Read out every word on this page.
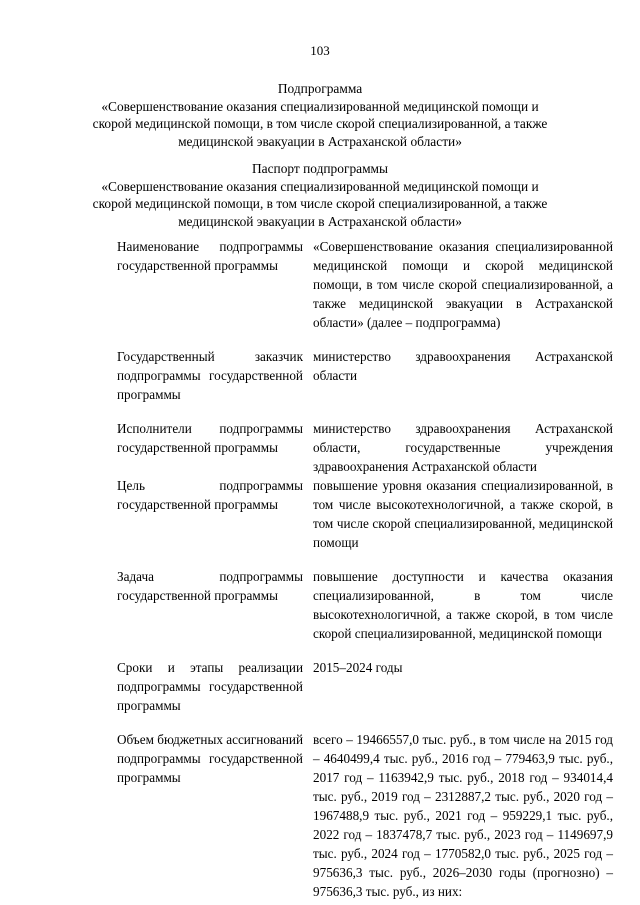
103
Подпрограмма
«Совершенствование оказания специализированной медицинской помощи и скорой медицинской помощи, в том числе скорой специализированной, а также медицинской эвакуации в Астраханской области»
Паспорт подпрограммы
«Совершенствование оказания специализированной медицинской помощи и скорой медицинской помощи, в том числе скорой специализированной, а также медицинской эвакуации в Астраханской области»
Наименование подпрограммы государственной программы	«Совершенствование оказания специализированной медицинской помощи и скорой медицинской помощи, в том числе скорой специализированной, а также медицинской эвакуации в Астраханской области» (далее – подпрограмма)
Государственный заказчик подпрограммы государственной программы	министерство здравоохранения Астраханской области
Исполнители подпрограммы государственной программы	министерство здравоохранения Астраханской области, государственные учреждения здравоохранения Астраханской области
Цель подпрограммы государственной программы	повышение уровня оказания специализированной, в том числе высокотехнологичной, а также скорой, в том числе скорой специализированной, медицинской помощи
Задача подпрограммы государственной программы	повышение доступности и качества оказания специализированной, в том числе высокотехнологичной, а также скорой, в том числе скорой специализированной, медицинской помощи
Сроки и этапы реализации подпрограммы государственной программы	2015–2024 годы
Объем бюджетных ассигнований подпрограммы государственной программы	всего – 19466557,0 тыс. руб., в том числе на 2015 год – 4640499,4 тыс. руб., 2016 год – 779463,9 тыс. руб., 2017 год – 1163942,9 тыс. руб., 2018 год – 934014,4 тыс. руб., 2019 год – 2312887,2 тыс. руб., 2020 год – 1967488,9 тыс. руб., 2021 год – 959229,1 тыс. руб., 2022 год – 1837478,7 тыс. руб., 2023 год – 1149697,9 тыс. руб., 2024 год – 1770582,0 тыс. руб., 2025 год – 975636,3 тыс. руб., 2026–2030 годы (прогнозно) – 975636,3 тыс. руб., из них:
